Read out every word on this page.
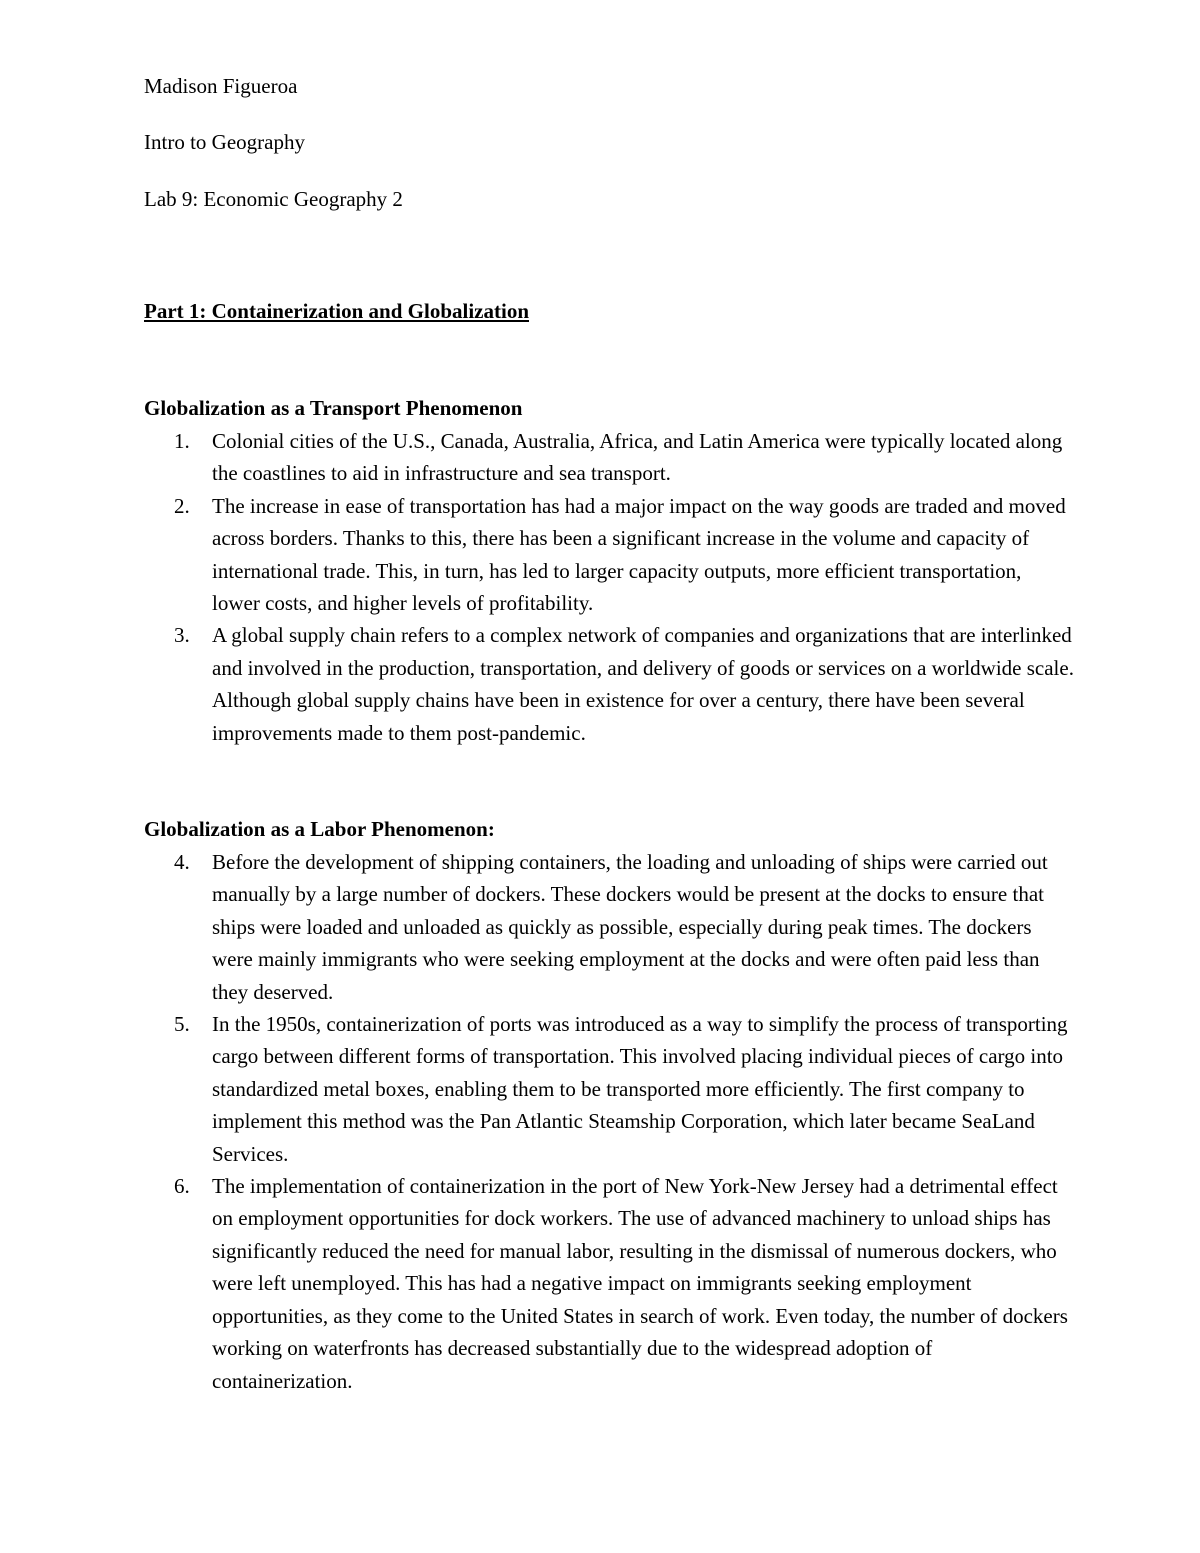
Madison Figueroa

Intro to Geography

Lab 9: Economic Geography 2

Part 1: Containerization and Globalization

Globalization as a Transport Phenomenon

1. Colonial cities of the U.S., Canada, Australia, Africa, and Latin America were typically located along the coastlines to aid in infrastructure and sea transport.
2. The increase in ease of transportation has had a major impact on the way goods are traded and moved across borders. Thanks to this, there has been a significant increase in the volume and capacity of international trade. This, in turn, has led to larger capacity outputs, more efficient transportation, lower costs, and higher levels of profitability.
3. A global supply chain refers to a complex network of companies and organizations that are interlinked and involved in the production, transportation, and delivery of goods or services on a worldwide scale. Although global supply chains have been in existence for over a century, there have been several improvements made to them post-pandemic.

Globalization as a Labor Phenomenon:

4. Before the development of shipping containers, the loading and unloading of ships were carried out manually by a large number of dockers. These dockers would be present at the docks to ensure that ships were loaded and unloaded as quickly as possible, especially during peak times. The dockers were mainly immigrants who were seeking employment at the docks and were often paid less than they deserved.
5. In the 1950s, containerization of ports was introduced as a way to simplify the process of transporting cargo between different forms of transportation. This involved placing individual pieces of cargo into standardized metal boxes, enabling them to be transported more efficiently. The first company to implement this method was the Pan Atlantic Steamship Corporation, which later became SeaLand Services.
6. The implementation of containerization in the port of New York-New Jersey had a detrimental effect on employment opportunities for dock workers. The use of advanced machinery to unload ships has significantly reduced the need for manual labor, resulting in the dismissal of numerous dockers, who were left unemployed. This has had a negative impact on immigrants seeking employment opportunities, as they come to the United States in search of work. Even today, the number of dockers working on waterfronts has decreased substantially due to the widespread adoption of containerization.
